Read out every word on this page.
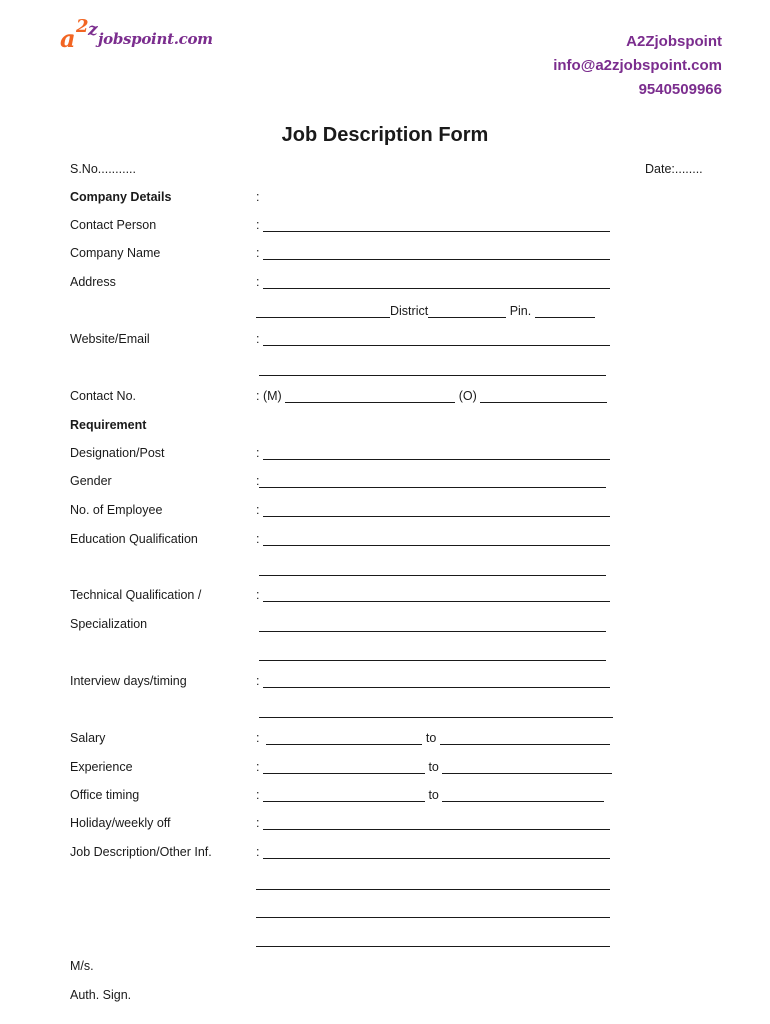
a 2 z jobspoint.com	A2Zjobspoint
info@a2zjobspoint.com
9540509966
Job Description Form
S.No...........	Date:........
Company Details	:
Contact Person	:

Company Name	:

Address	:

District
	Pin.

Website/Email	:

Contact No.	:
(M)

	(O)

Requirement
Designation/Post	:

Gender	:
No. of Employee	:

Education Qualification	:

Technical Qualification /	:

Specialization
Interview days/timing	:

Salary	:

	to

Experience	:

	to

Office timing	:

	to

Holiday/weekly off	:

Job Description/Other Inf.	:

M/s.
Auth. Sign.
